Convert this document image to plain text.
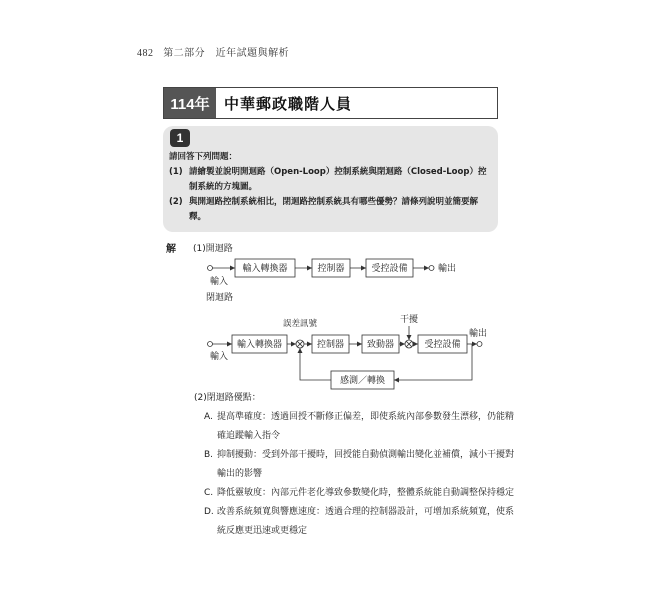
482 第二部分　近年試題與解析
114年 中華郵政職階人員
1
請回答下列問題：
(1) 請繪製並說明開迴路（Open-Loop）控制系統與閉迴路（Closed-Loop）控制系統的方塊圖。
(2) 與開迴路控制系統相比，閉迴路控制系統具有哪些優勢？請條列說明並簡要解釋。
解 (1)開迴路
輸入轉換器	控制器	受控設備	輸出
輸入
閉迴路
輸入轉換器	控制器	致動器	受控設備
感測／轉換
輸入
輸出
干擾
誤差訊號
(2)閉迴路優點：
A. 提高準確度：透過回授不斷修正偏差，即使系統內部參數發生漂移，仍能精確追蹤輸入指令
B. 抑制擾動：受到外部干擾時，回授能自動偵測輸出變化並補償，減小干擾對輸出的影響
C. 降低靈敏度：內部元件老化導致參數變化時，整體系統能自動調整保持穩定
D. 改善系統頻寬與響應速度：透過合理的控制器設計，可增加系統頻寬，使系統反應更迅速或更穩定
